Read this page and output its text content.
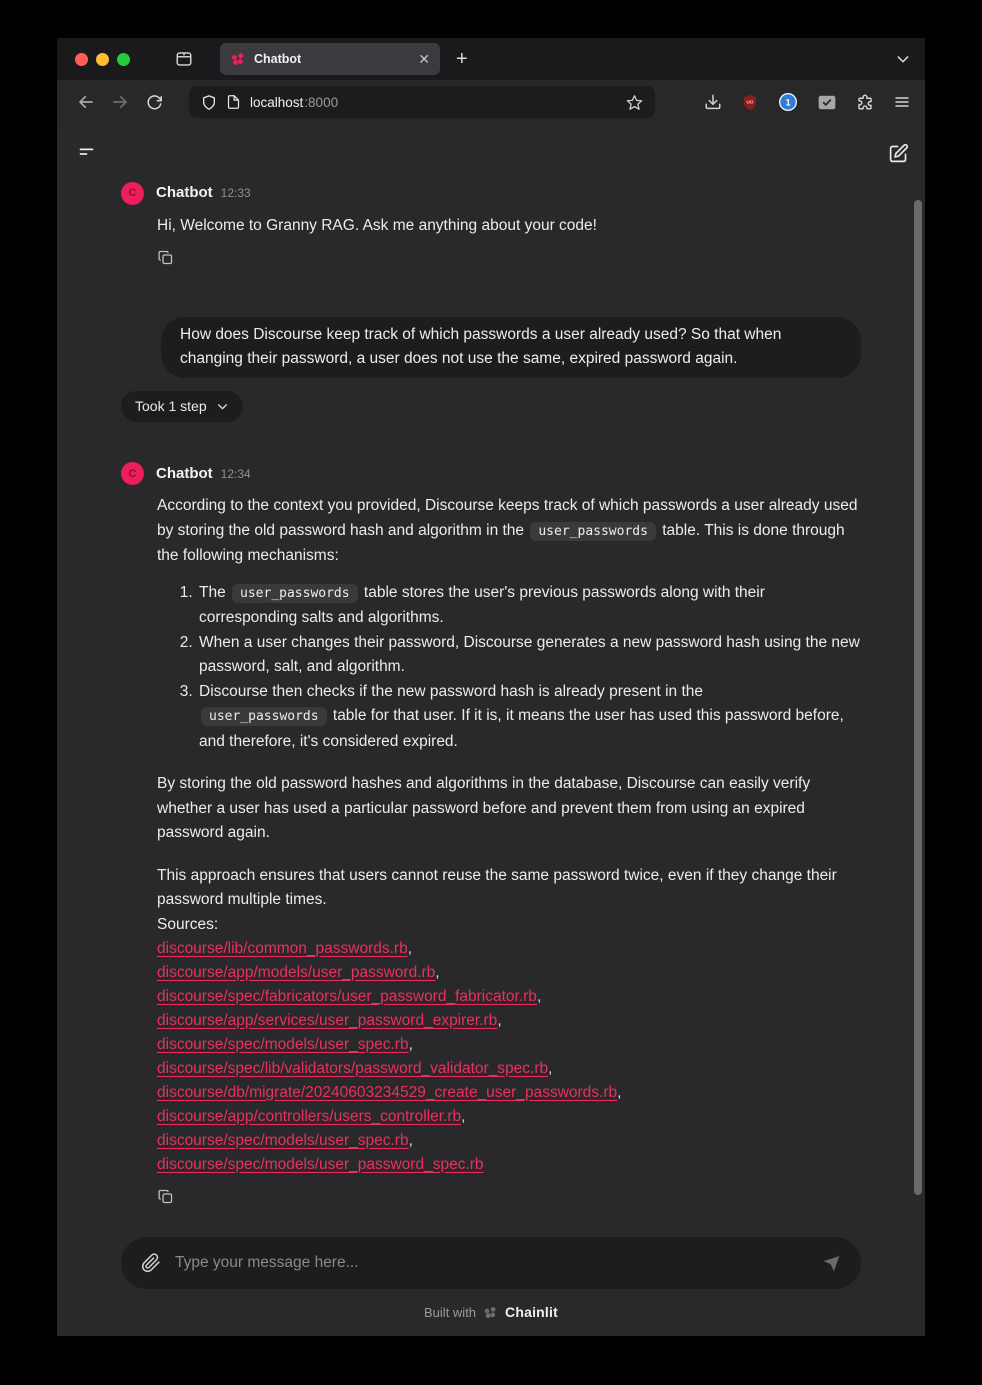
Chatbot	✕ +
localhost :8000	UO	1
C Chatbot 12:33
Hi, Welcome to Granny RAG. Ask me anything about your code!
How does Discourse keep track of which passwords a user already used? So that when changing their password, a user does not use the same, expired password again.
Took 1 step
C Chatbot 12:34

According to the context you provided, Discourse keeps track of which passwords a user already used by storing the old password hash and algorithm in the user_passwords table. This is done through the following mechanisms:

1. The user_passwords table stores the user's previous passwords along with their corresponding salts and algorithms.
2. When a user changes their password, Discourse generates a new password hash using the new password, salt, and algorithm.
3. Discourse then checks if the new password hash is already present in the
user_passwords table for that user. If it is, it means the user has used this password before, and therefore, it's considered expired.

By storing the old password hashes and algorithms in the database, Discourse can easily verify whether a user has used a particular password before and prevent them from using an expired password again.

This approach ensures that users cannot reuse the same password twice, even if they change their password multiple times.

Sources:
discourse/lib/common_passwords.rb,
discourse/app/models/user_password.rb,
discourse/spec/fabricators/user_password_fabricator.rb,
discourse/app/services/user_password_expirer.rb,
discourse/spec/models/user_spec.rb,
discourse/spec/lib/validators/password_validator_spec.rb,
discourse/db/migrate/20240603234529_create_user_passwords.rb,
discourse/app/controllers/users_controller.rb,
discourse/spec/models/user_spec.rb,
discourse/spec/models/user_password_spec.rb
Type your message here...
Built with Chainlit
